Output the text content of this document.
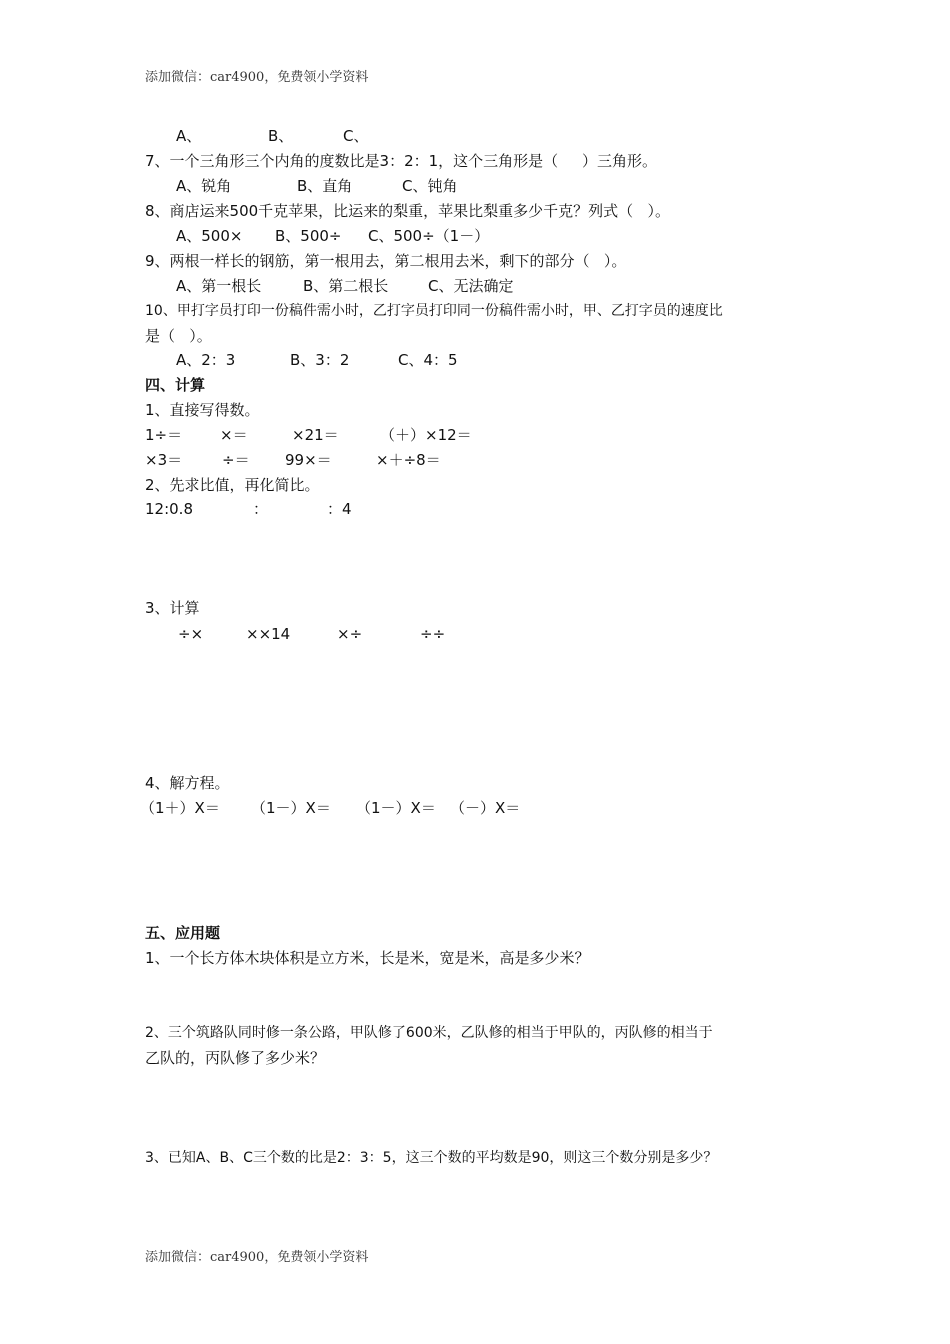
添加微信：car4900，免费领小学资料
A、	B、	C、
7、一个三角形三个内角的度数比是3：2：1，这个三角形是（     ）三角形。
A、锐角	B、直角	C、钝角
8、商店运来500千克苹果，比运来的梨重，苹果比梨重多少千克？列式（   ）。
A、500× B、500÷ C、500÷（1－）
9、两根一样长的钢筋，第一根用去，第二根用去米，剩下的部分（   ）。
A、第一根长	B、第二根长	C、无法确定
10、甲打字员打印一份稿件需小时，乙打字员打印同一份稿件需小时，甲、乙打字员的速度比
是（   ）。
A、2：3	B、3：2	C、4：5
四、计算
1、直接写得数。
1÷＝	×＝	×21＝	（＋）×12＝
×3＝	÷＝ 99×＝	×＋÷8＝
2、先求比值，再化简比。
12:0.8	：	：4
3、计算
÷×	××14	×÷	÷÷
4、解方程。
（1＋）X＝ （1－）X＝ （1－）X＝ （－）X＝
五、应用题
1、一个长方体木块体积是立方米，长是米，宽是米，高是多少米？
2、三个筑路队同时修一条公路，甲队修了600米，乙队修的相当于甲队的，丙队修的相当于
乙队的，丙队修了多少米？
3、已知A、B、C三个数的比是2：3：5，这三个数的平均数是90，则这三个数分别是多少？
添加微信：car4900，免费领小学资料
